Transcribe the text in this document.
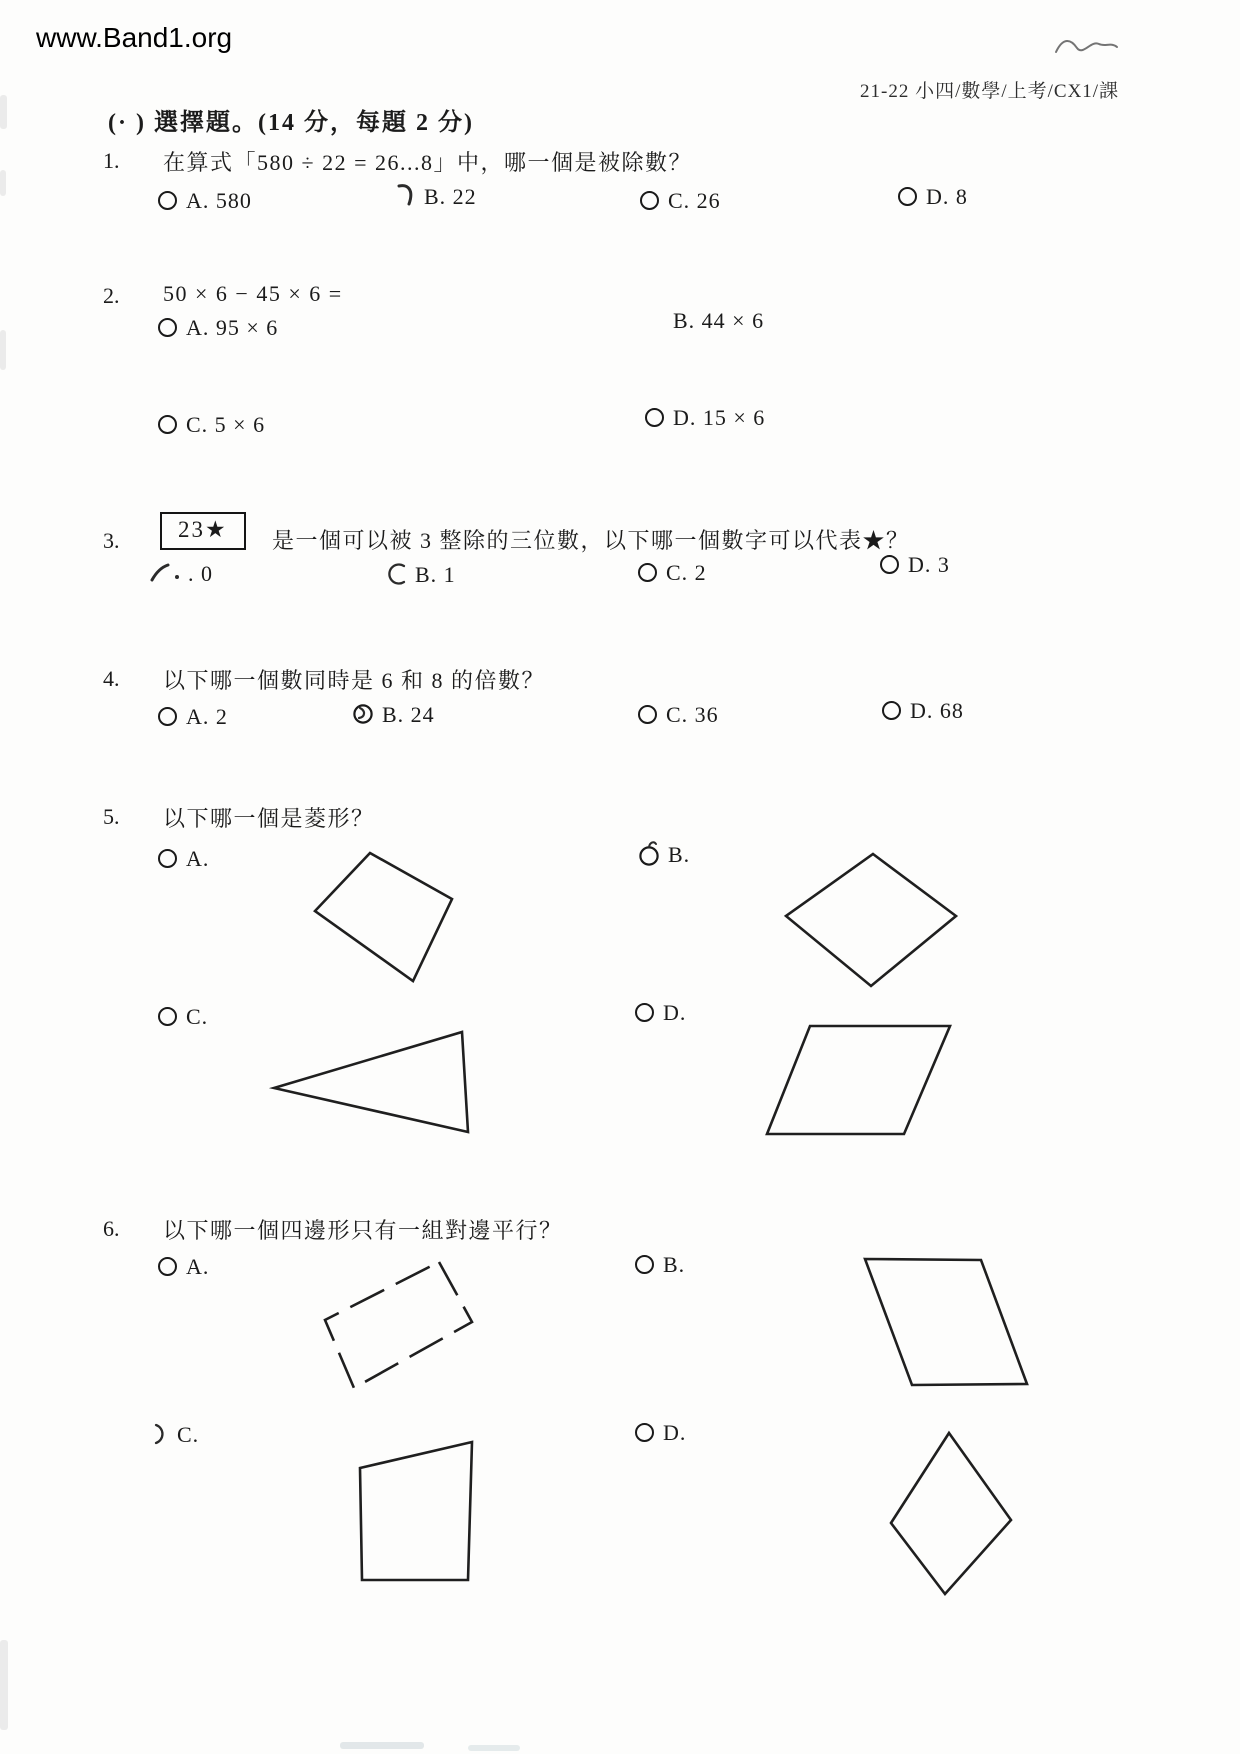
www.Band1.org
21-22 小四/數學/上考/CX1/課
(· ) 選擇題。(14 分，每題 2 分)
1. 在算式「580 ÷ 22 = 26...8」中，哪一個是被除數？
A. 580	B. 22	C. 26	D. 8
2. 50 × 6 − 45 × 6 =
A. 95 × 6	B. 44 × 6
C. 5 × 6	D. 15 × 6
3.	23★	是一個可以被 3 整除的三位數，以下哪一個數字可以代表★？
. 0	B. 1	C. 2	D. 3
4. 以下哪一個數同時是 6 和 8 的倍數？
A. 2	B. 24	C. 36	D. 68
5. 以下哪一個是菱形？
A.	B.
C.	D.
6. 以下哪一個四邊形只有一組對邊平行？
A.	B.
C.	D.
